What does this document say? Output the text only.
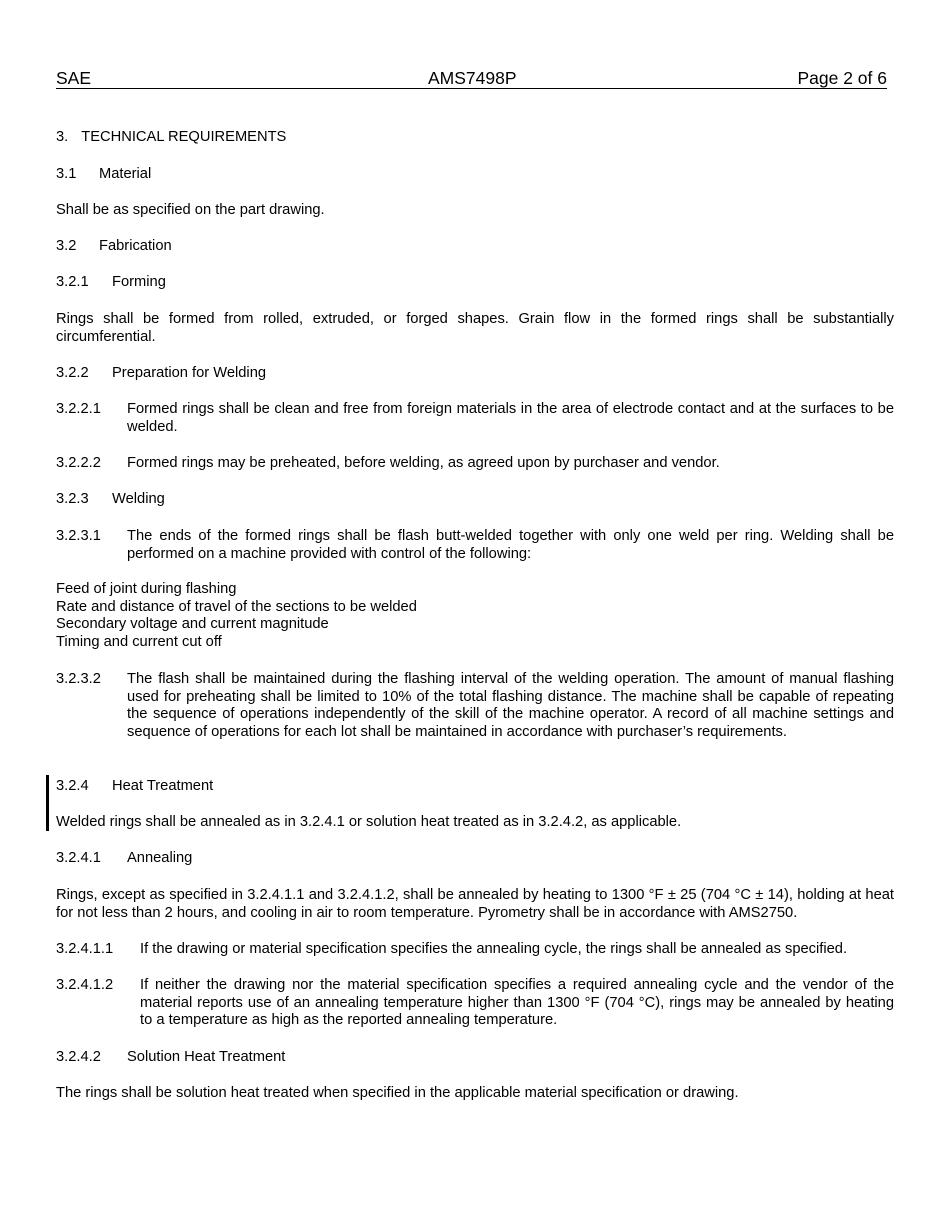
SAE	AMS7498P	Page 2 of 6
3. TECHNICAL REQUIREMENTS
3.1 Material

Shall be as specified on the part drawing.

3.2 Fabrication
3.2.1 Forming

Rings shall be formed from rolled, extruded, or forged shapes. Grain flow in the formed rings shall be substantially circumferential.

3.2.2 Preparation for Welding
3.2.2.1 Formed rings shall be clean and free from foreign materials in the area of electrode contact and at the surfaces to be welded.
3.2.2.2 Formed rings may be preheated, before welding, as agreed upon by purchaser and vendor.
3.2.3 Welding
3.2.3.1 The ends of the formed rings shall be flash butt-welded together with only one weld per ring. Welding shall be performed on a machine provided with control of the following:
Feed of joint during flashing
Rate and distance of travel of the sections to be welded
Secondary voltage and current magnitude
Timing and current cut off
3.2.3.2 The flash shall be maintained during the flashing interval of the welding operation. The amount of manual flashing used for preheating shall be limited to 10% of the total flashing distance. The machine shall be capable of repeating the sequence of operations independently of the skill of the machine operator. A record of all machine settings and sequence of operations for each lot shall be maintained in accordance with purchaser’s requirements.
3.2.4 Heat Treatment

Welded rings shall be annealed as in 3.2.4.1 or solution heat treated as in 3.2.4.2, as applicable.

3.2.4.1 Annealing

Rings, except as specified in 3.2.4.1.1 and 3.2.4.1.2, shall be annealed by heating to 1300 °F ± 25 (704 °C ± 14), holding at heat for not less than 2 hours, and cooling in air to room temperature. Pyrometry shall be in accordance with AMS2750.

3.2.4.1.1 If the drawing or material specification specifies the annealing cycle, the rings shall be annealed as specified.
3.2.4.1.2 If neither the drawing nor the material specification specifies a required annealing cycle and the vendor of the material reports use of an annealing temperature higher than 1300 °F (704 °C), rings may be annealed by heating to a temperature as high as the reported annealing temperature.
3.2.4.2 Solution Heat Treatment

The rings shall be solution heat treated when specified in the applicable material specification or drawing.
